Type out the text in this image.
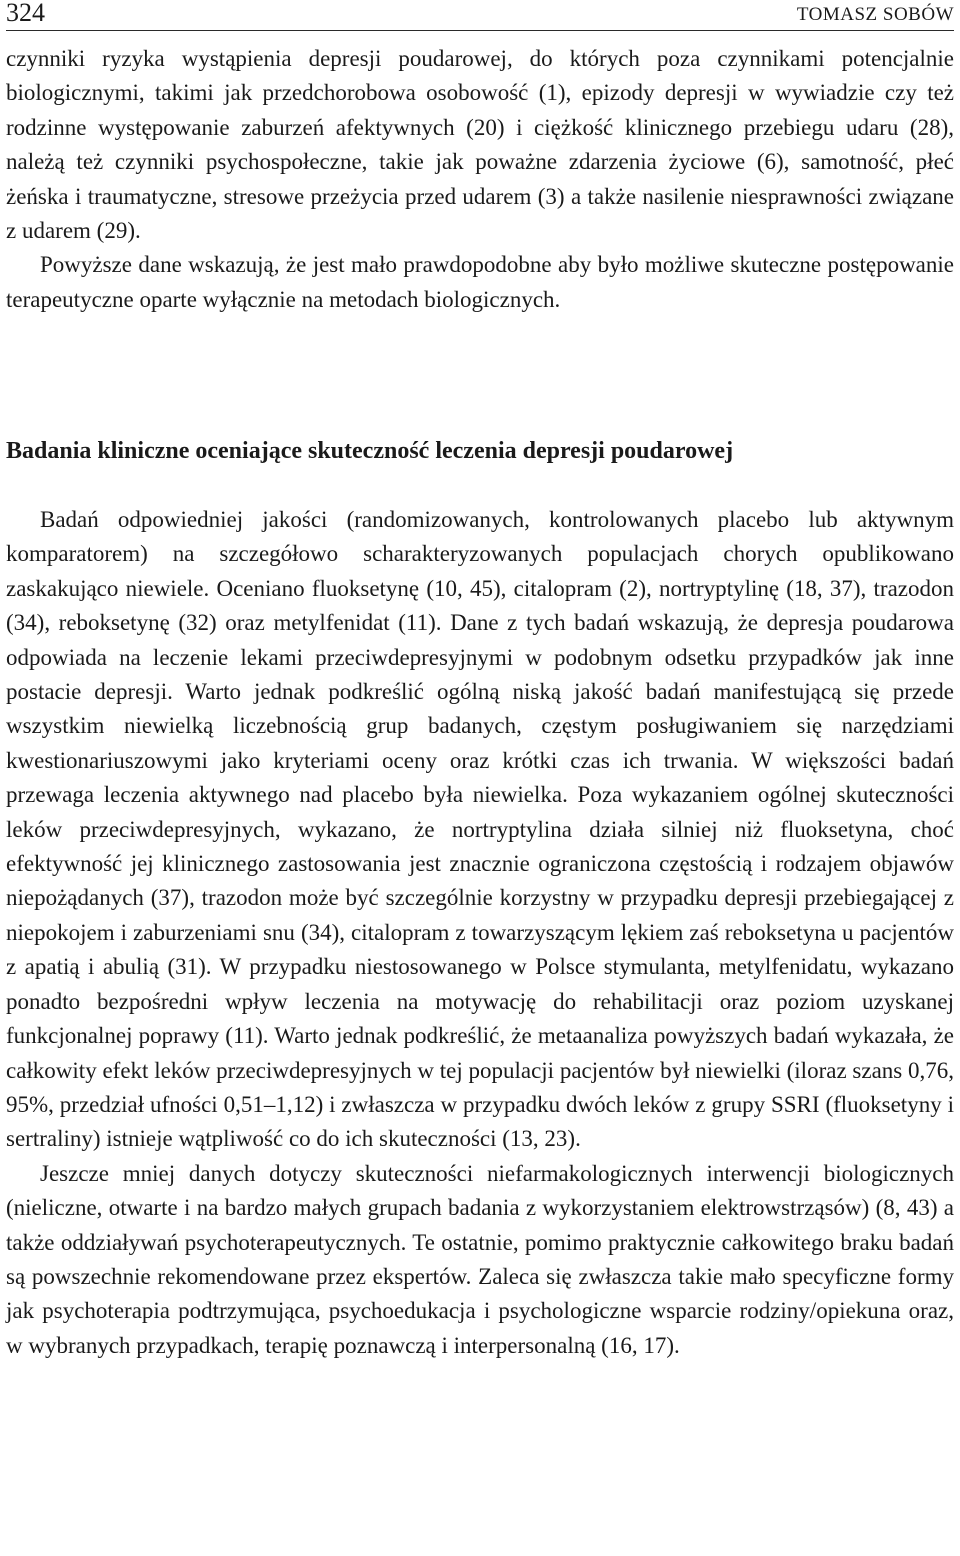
324	TOMASZ SOBÓW

czynniki ryzyka wystąpienia depresji poudarowej, do których poza czynnikami potencjalnie biologicznymi, takimi jak przedchorobowa osobowość (1), epizody depresji w wywiadzie czy też rodzinne występowanie zaburzeń afektywnych (20) i ciężkość klinicznego przebiegu udaru (28), należą też czynniki psychospołeczne, takie jak poważne zdarzenia życiowe (6), samotność, płeć żeńska i traumatyczne, stresowe przeżycia przed udarem (3) a także nasilenie niesprawności związane z udarem (29).

Powyższe dane wskazują, że jest mało prawdopodobne aby było możliwe skuteczne postępowanie terapeutyczne oparte wyłącznie na metodach biologicznych.

Badania kliniczne oceniające skuteczność leczenia depresji poudarowej

Badań odpowiedniej jakości (randomizowanych, kontrolowanych placebo lub aktywnym komparatorem) na szczegółowo scharakteryzowanych populacjach chorych opublikowano zaskakująco niewiele. Oceniano fluoksetynę (10, 45), citalopram (2), nortryptylinę (18, 37), trazodon (34), reboksetynę (32) oraz metylfenidat (11). Dane z tych badań wskazują, że depresja poudarowa odpowiada na leczenie lekami przeciwdepresyjnymi w podobnym odsetku przypadków jak inne postacie depresji. Warto jednak podkreślić ogólną niską jakość badań manifestującą się przede wszystkim niewielką liczebnością grup badanych, częstym posługiwaniem się narzędziami kwestionariuszowymi jako kryteriami oceny oraz krótki czas ich trwania. W większości badań przewaga leczenia aktywnego nad placebo była niewielka. Poza wykazaniem ogólnej skuteczności leków przeciwdepresyjnych, wykazano, że nortryptylina działa silniej niż fluoksetyna, choć efektywność jej klinicznego zastosowania jest znacznie ograniczona częstością i rodzajem objawów niepożądanych (37), trazodon może być szczególnie korzystny w przypadku depresji przebiegającej z niepokojem i zaburzeniami snu (34), citalopram z towarzyszącym lękiem zaś reboksetyna u pacjentów z apatią i abulią (31). W przypadku niestosowanego w Polsce stymulanta, metylfenidatu, wykazano ponadto bezpośredni wpływ leczenia na motywację do rehabilitacji oraz poziom uzyskanej funkcjonalnej poprawy (11). Warto jednak podkreślić, że metaanaliza powyższych badań wykazała, że całkowity efekt leków przeciwdepresyjnych w tej populacji pacjentów był niewielki (iloraz szans 0,76, 95%, przedział ufności 0,51–1,12) i zwłaszcza w przypadku dwóch leków z grupy SSRI (fluoksetyny i sertraliny) istnieje wątpliwość co do ich skuteczności (13, 23).

Jeszcze mniej danych dotyczy skuteczności niefarmakologicznych interwencji biologicznych (nieliczne, otwarte i na bardzo małych grupach badania z wykorzystaniem elektrowstrząsów) (8, 43) a także oddziaływań psychoterapeutycznych. Te ostatnie, pomimo praktycznie całkowitego braku badań są powszechnie rekomendowane przez ekspertów. Zaleca się zwłaszcza takie mało specyficzne formy jak psychoterapia podtrzymująca, psychoedukacja i psychologiczne wsparcie rodziny/opiekuna oraz, w wybranych przypadkach, terapię poznawczą i interpersonalną (16, 17).
